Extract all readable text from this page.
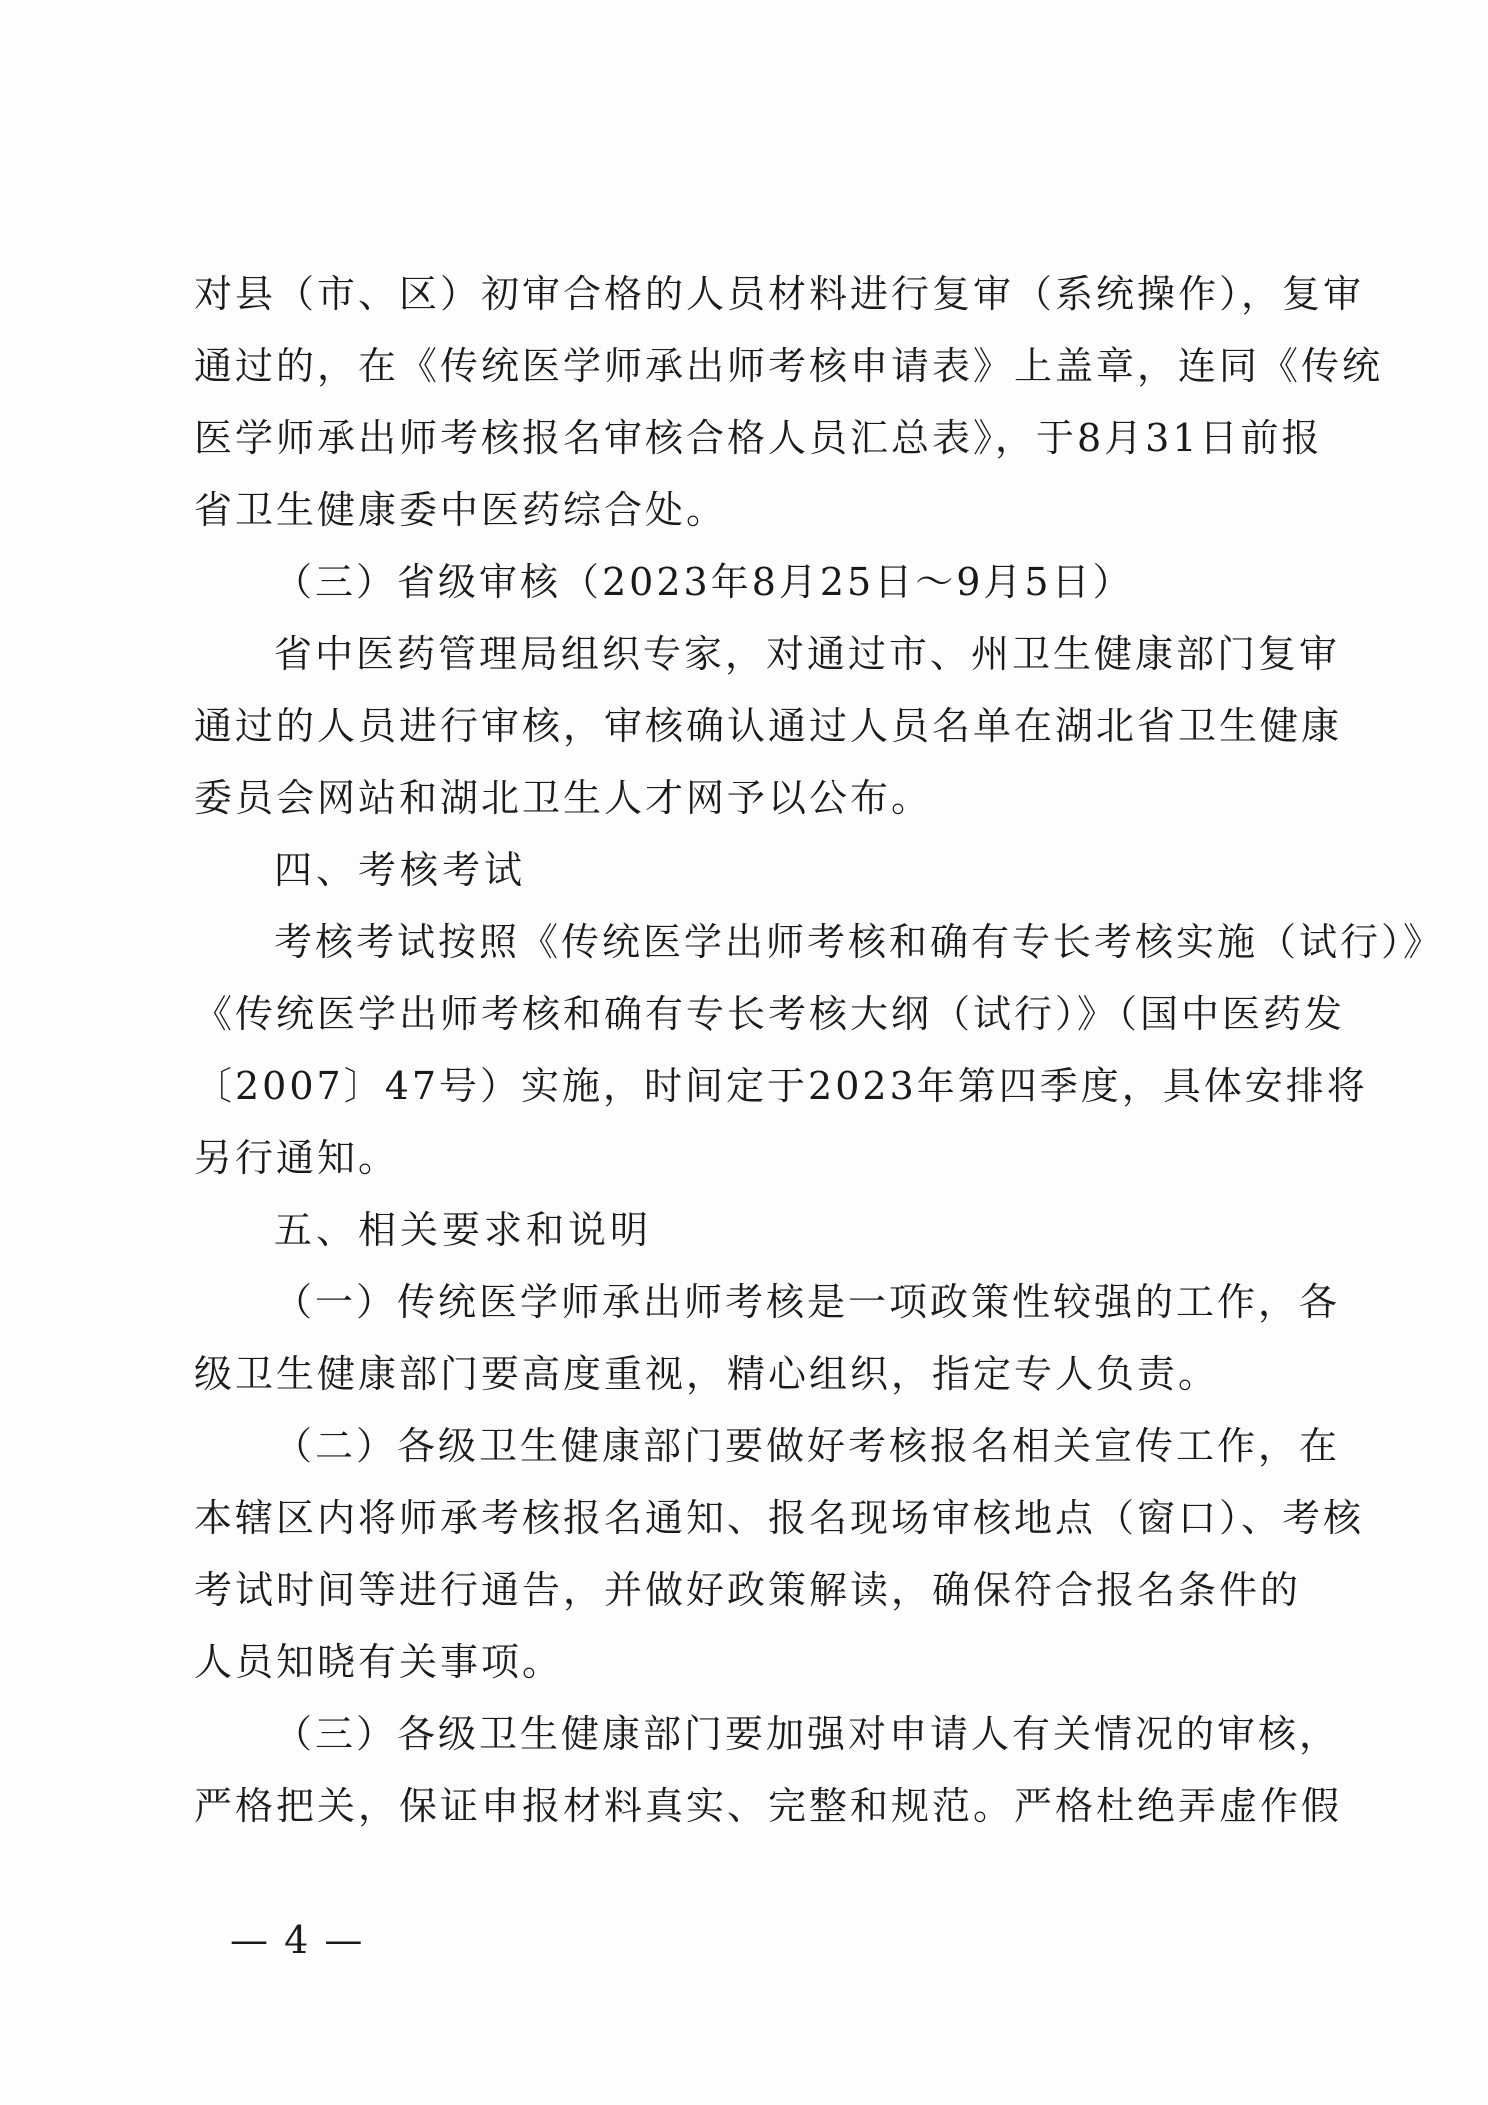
对县（市、区）初审合格的人员材料进行复审（系统操作），复审
通过的，在《传统医学师承出师考核申请表》上盖章，连同《传统
医学师承出师考核报名审核合格人员汇总表》，于8月31日前报
省卫生健康委中医药综合处。
（三）省级审核（2023年8月25日～9月5日）
省中医药管理局组织专家，对通过市、州卫生健康部门复审
通过的人员进行审核，审核确认通过人员名单在湖北省卫生健康
委员会网站和湖北卫生人才网予以公布。
四、考核考试
考核考试按照《传统医学出师考核和确有专长考核实施（试行）》
《传统医学出师考核和确有专长考核大纲（试行）》（国中医药发
〔2007〕47号）实施，时间定于2023年第四季度，具体安排将
另行通知。
五、相关要求和说明
（一）传统医学师承出师考核是一项政策性较强的工作，各
级卫生健康部门要高度重视，精心组织，指定专人负责。
（二）各级卫生健康部门要做好考核报名相关宣传工作，在
本辖区内将师承考核报名通知、报名现场审核地点（窗口）、考核
考试时间等进行通告，并做好政策解读，确保符合报名条件的
人员知晓有关事项。
（三）各级卫生健康部门要加强对申请人有关情况的审核，
严格把关，保证申报材料真实、完整和规范。严格杜绝弄虚作假
— 4 —
